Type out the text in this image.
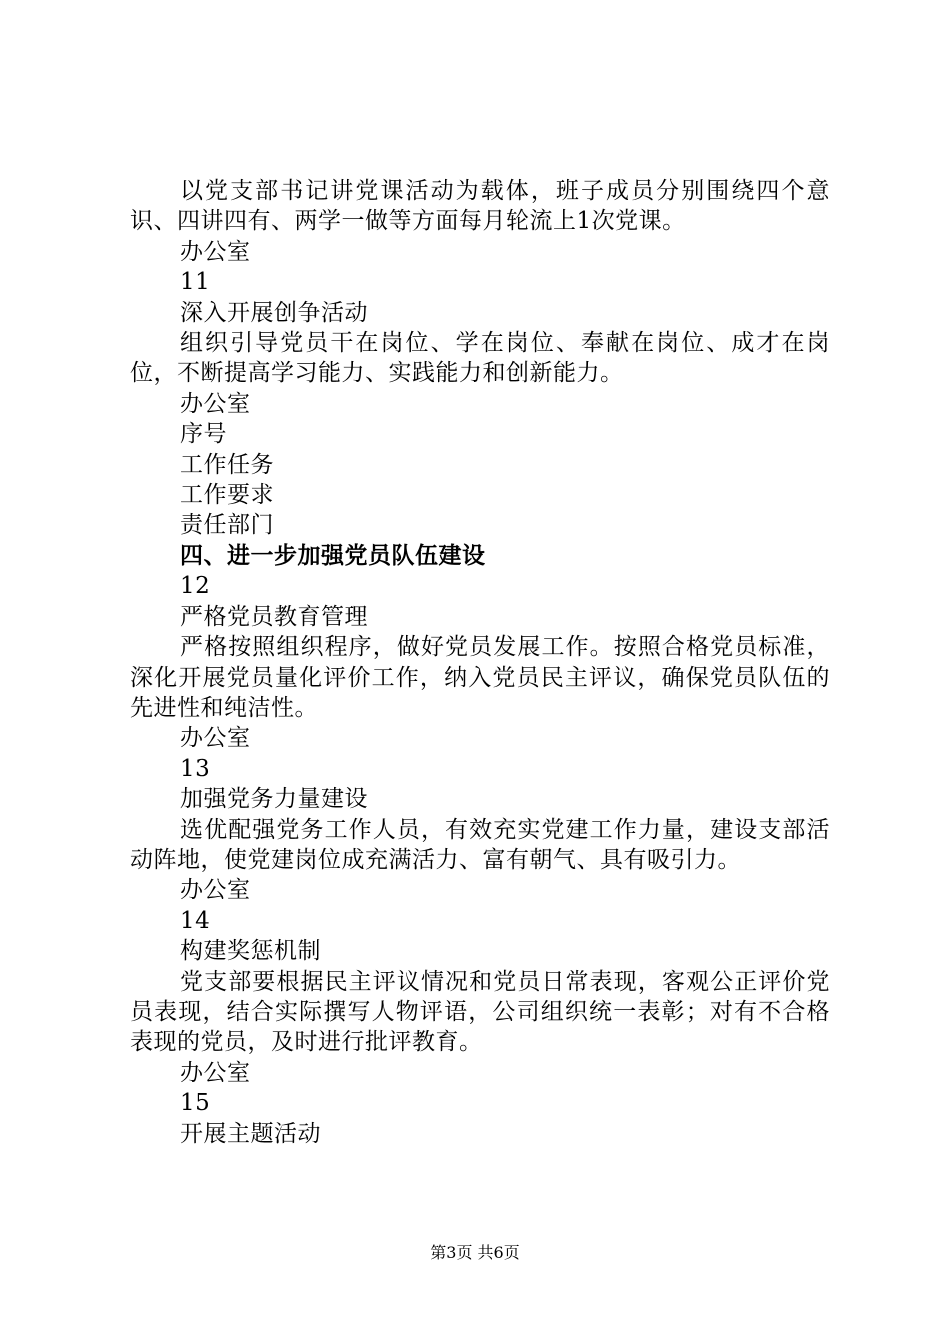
以党支部书记讲党课活动为载体，班子成员分别围绕四个意识、四讲四有、两学一做等方面每月轮流上1次党课。
办公室
11
深入开展创争活动
组织引导党员干在岗位、学在岗位、奉献在岗位、成才在岗位，不断提高学习能力、实践能力和创新能力。
办公室
序号
工作任务
工作要求
责任部门
四、进一步加强党员队伍建设
12
严格党员教育管理
严格按照组织程序，做好党员发展工作。按照合格党员标准，深化开展党员量化评价工作，纳入党员民主评议，确保党员队伍的先进性和纯洁性。
办公室
13
加强党务力量建设
选优配强党务工作人员，有效充实党建工作力量，建设支部活动阵地，使党建岗位成充满活力、富有朝气、具有吸引力。
办公室
14
构建奖惩机制
党支部要根据民主评议情况和党员日常表现，客观公正评价党员表现，结合实际撰写人物评语，公司组织统一表彰；对有不合格表现的党员，及时进行批评教育。
办公室
15
开展主题活动
第3页 共6页
